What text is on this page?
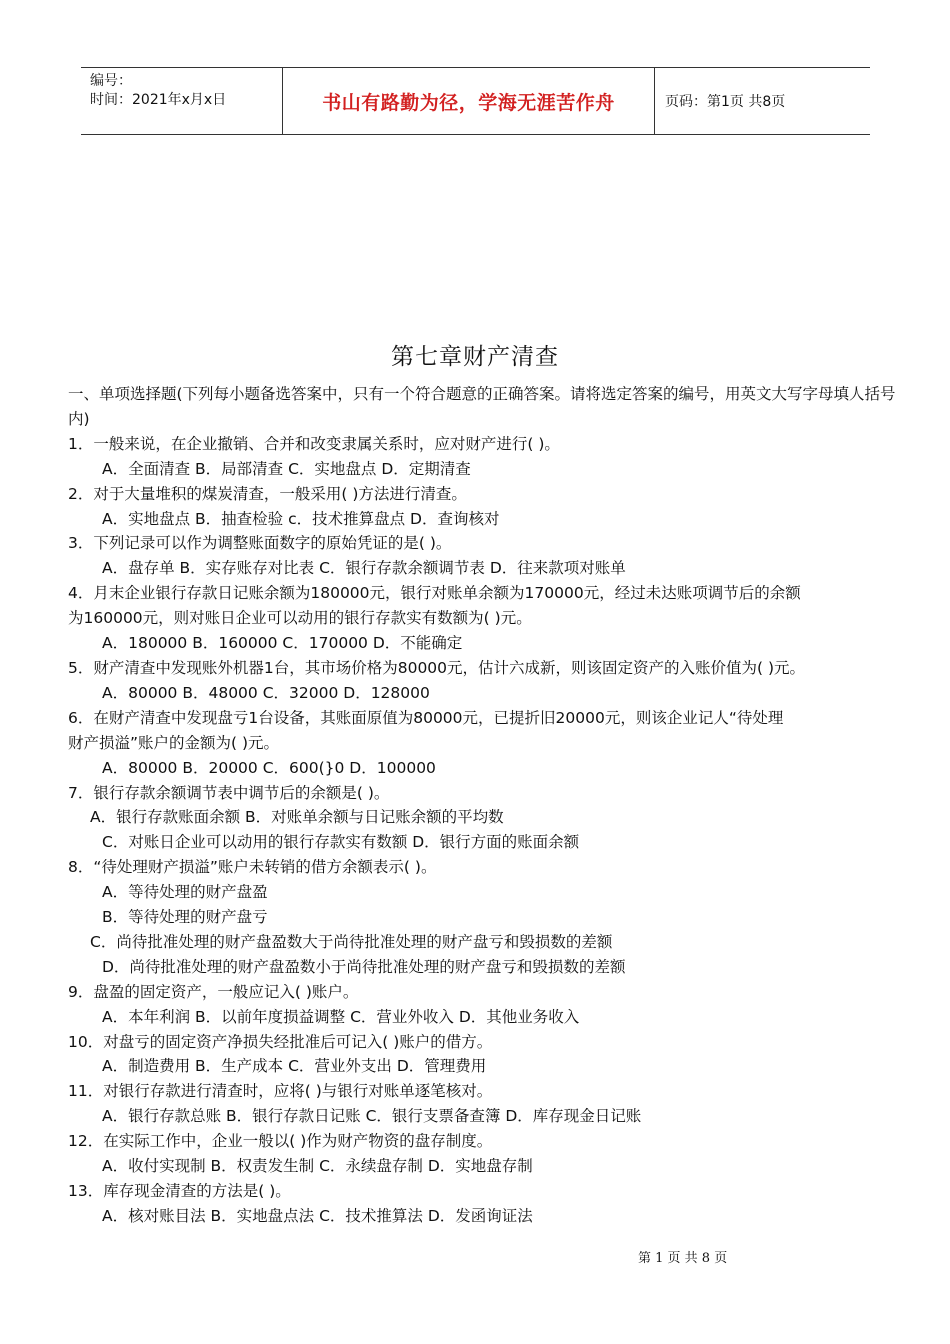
编号：
时间：2021年x月x日	书山有路勤为径，学海无涯苦作舟	页码：第1页 共8页
第七章财产清查
一、单项选择题(下列每小题备选答案中，只有一个符合题意的正确答案。请将选定答案的编号，用英文大写字母填人括号内)
1．一般来说，在企业撤销、合并和改变隶属关系时，应对财产进行( )。
A．全面清查 B．局部清查 C．实地盘点 D．定期清查
2．对于大量堆积的煤炭清查，一般采用( )方法进行清查。
A．实地盘点 B．抽查检验 c．技术推算盘点 D．查询核对
3．下列记录可以作为调整账面数字的原始凭证的是( )。
A．盘存单 B．实存账存对比表 C．银行存款余额调节表 D．往来款项对账单
4．月末企业银行存款日记账余额为180000元，银行对账单余额为170000元，经过未达账项调节后的余额
为160000元，则对账日企业可以动用的银行存款实有数额为( )元。
A．180000 B．160000 C．170000 D．不能确定
5．财产清查中发现账外机器1台，其市场价格为80000元，估计六成新，则该固定资产的入账价值为( )元。
A．80000 B．48000 C．32000 D．128000
6．在财产清查中发现盘亏1台设备，其账面原值为80000元，已提折旧20000元，则该企业记人“待处理
财产损溢”账户的金额为( )元。
A．80000 B．20000 C．600(}0 D．100000
7．银行存款余额调节表中调节后的余额是( )。
A．银行存款账面余额 B．对账单余额与日记账余额的平均数
C．对账日企业可以动用的银行存款实有数额 D．银行方面的账面余额
8．“待处理财产损溢”账户未转销的借方余额表示( )。
A．等待处理的财产盘盈
B．等待处理的财产盘亏
C．尚待批准处理的财产盘盈数大于尚待批准处理的财产盘亏和毁损数的差额
D．尚待批准处理的财产盘盈数小于尚待批准处理的财产盘亏和毁损数的差额
9．盘盈的固定资产，一般应记入( )账户。
A．本年利润 B．以前年度损益调整 C．营业外收入 D．其他业务收入
10．对盘亏的固定资产净损失经批准后可记入( )账户的借方。
A．制造费用 B．生产成本 C．营业外支出 D．管理费用
11．对银行存款进行清查时，应将( )与银行对账单逐笔核对。
A．银行存款总账 B．银行存款日记账 C．银行支票备查簿 D．库存现金日记账
12．在实际工作中，企业一般以( )作为财产物资的盘存制度。
A．收付实现制 B．权责发生制 C．永续盘存制 D．实地盘存制
13．库存现金清查的方法是( )。
A．核对账目法 B．实地盘点法 C．技术推算法 D．发函询证法
第 1 页 共 8 页
